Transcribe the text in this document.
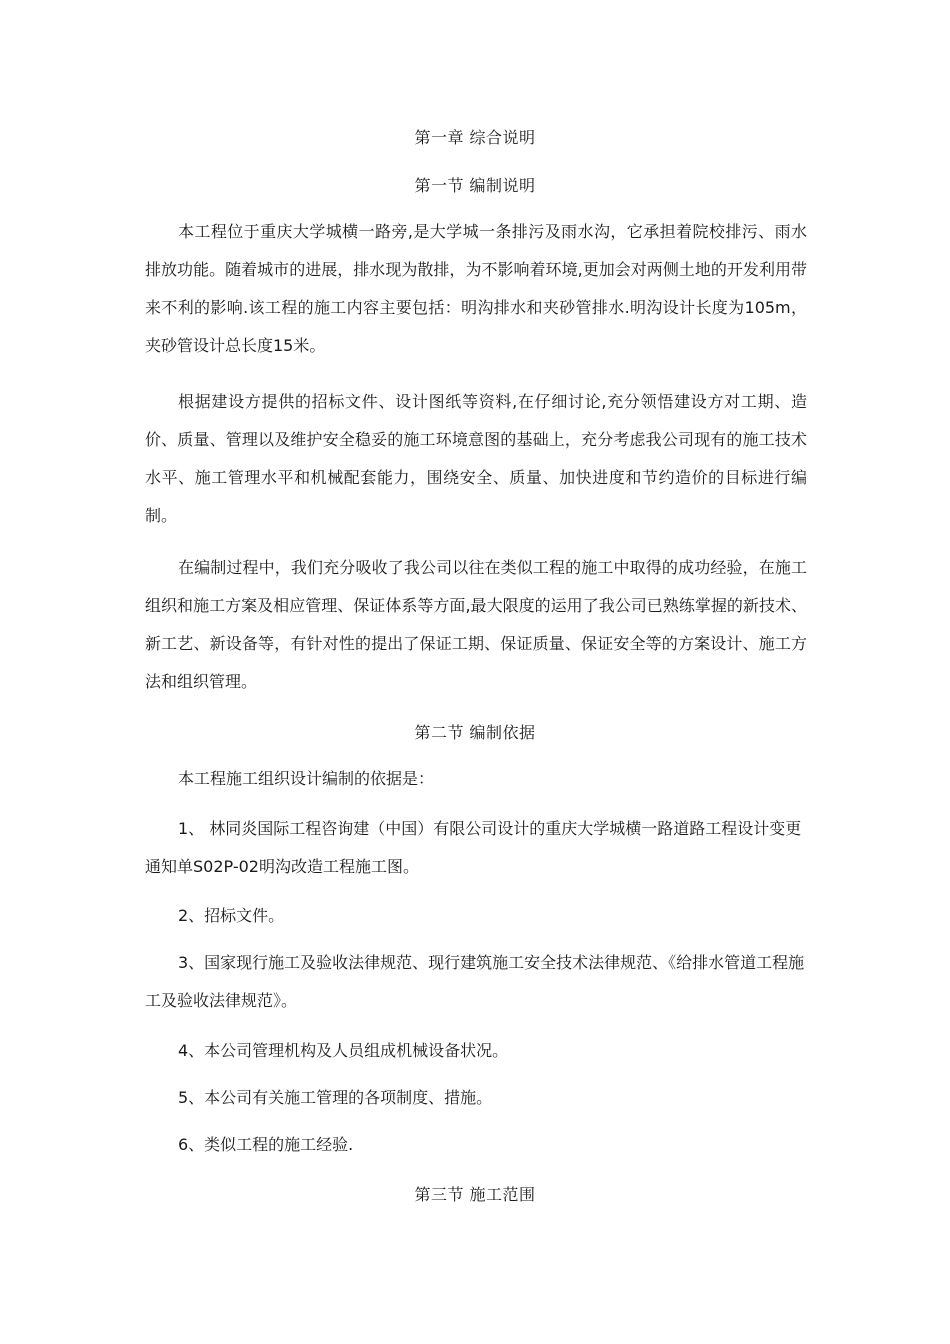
第一章 综合说明
第一节 编制说明
本工程位于重庆大学城横一路旁,是大学城一条排污及雨水沟，它承担着院校排污、雨水排放功能。随着城市的进展，排水现为散排，为不影响着环境,更加会对两侧土地的开发利用带来不利的影响.该工程的施工内容主要包括：明沟排水和夹砂管排水.明沟设计长度为105m，夹砂管设计总长度15米。
根据建设方提供的招标文件、设计图纸等资料,在仔细讨论,充分领悟建设方对工期、造价、质量、管理以及维护安全稳妥的施工环境意图的基础上，充分考虑我公司现有的施工技术水平、施工管理水平和机械配套能力，围绕安全、质量、加快进度和节约造价的目标进行编制。
在编制过程中，我们充分吸收了我公司以往在类似工程的施工中取得的成功经验，在施工组织和施工方案及相应管理、保证体系等方面,最大限度的运用了我公司已熟练掌握的新技术、新工艺、新设备等，有针对性的提出了保证工期、保证质量、保证安全等的方案设计、施工方法和组织管理。
第二节 编制依据
本工程施工组织设计编制的依据是：
1、 林同炎国际工程咨询建（中国）有限公司设计的重庆大学城横一路道路工程设计变更通知单S02P-02明沟改造工程施工图。
2、招标文件。
3、国家现行施工及验收法律规范、现行建筑施工安全技术法律规范、《给排水管道工程施工及验收法律规范》。
4、本公司管理机构及人员组成机械设备状况。
5、本公司有关施工管理的各项制度、措施。
6、类似工程的施工经验.
第三节 施工范围
